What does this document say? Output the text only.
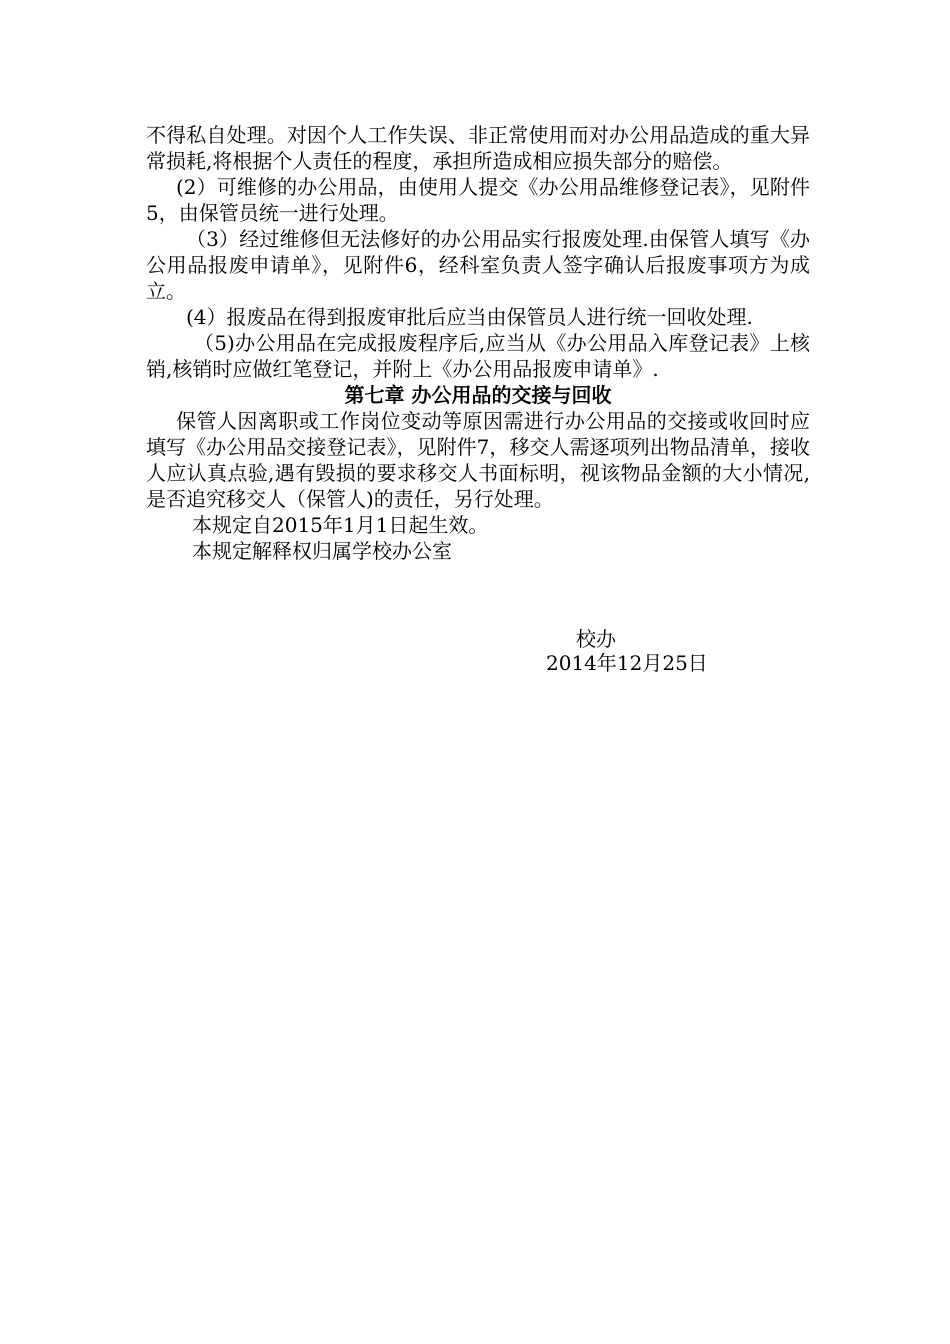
不得私自处理。对因个人工作失误、非正常使用而对办公用品造成的重大异常损耗,将根据个人责任的程度，承担所造成相应损失部分的赔偿。

(2）可维修的办公用品，由使用人提交《办公用品维修登记表》，见附件5，由保管员统一进行处理。

（3）经过维修但无法修好的办公用品实行报废处理.由保管人填写《办公用品报废申请单》，见附件6，经科室负责人签字确认后报废事项方为成立。

(4）报废品在得到报废审批后应当由保管员人进行统一回收处理.

（5)办公用品在完成报废程序后,应当从《办公用品入库登记表》上核销,核销时应做红笔登记，并附上《办公用品报废申请单》.

第七章 办公用品的交接与回收

保管人因离职或工作岗位变动等原因需进行办公用品的交接或收回时应填写《办公用品交接登记表》，见附件7，移交人需逐项列出物品清单，接收人应认真点验,遇有毁损的要求移交人书面标明，视该物品金额的大小情况,是否追究移交人（保管人)的责任，另行处理。

本规定自2015年1月1日起生效。

本规定解释权归属学校办公室

校办
2014年12月25日
